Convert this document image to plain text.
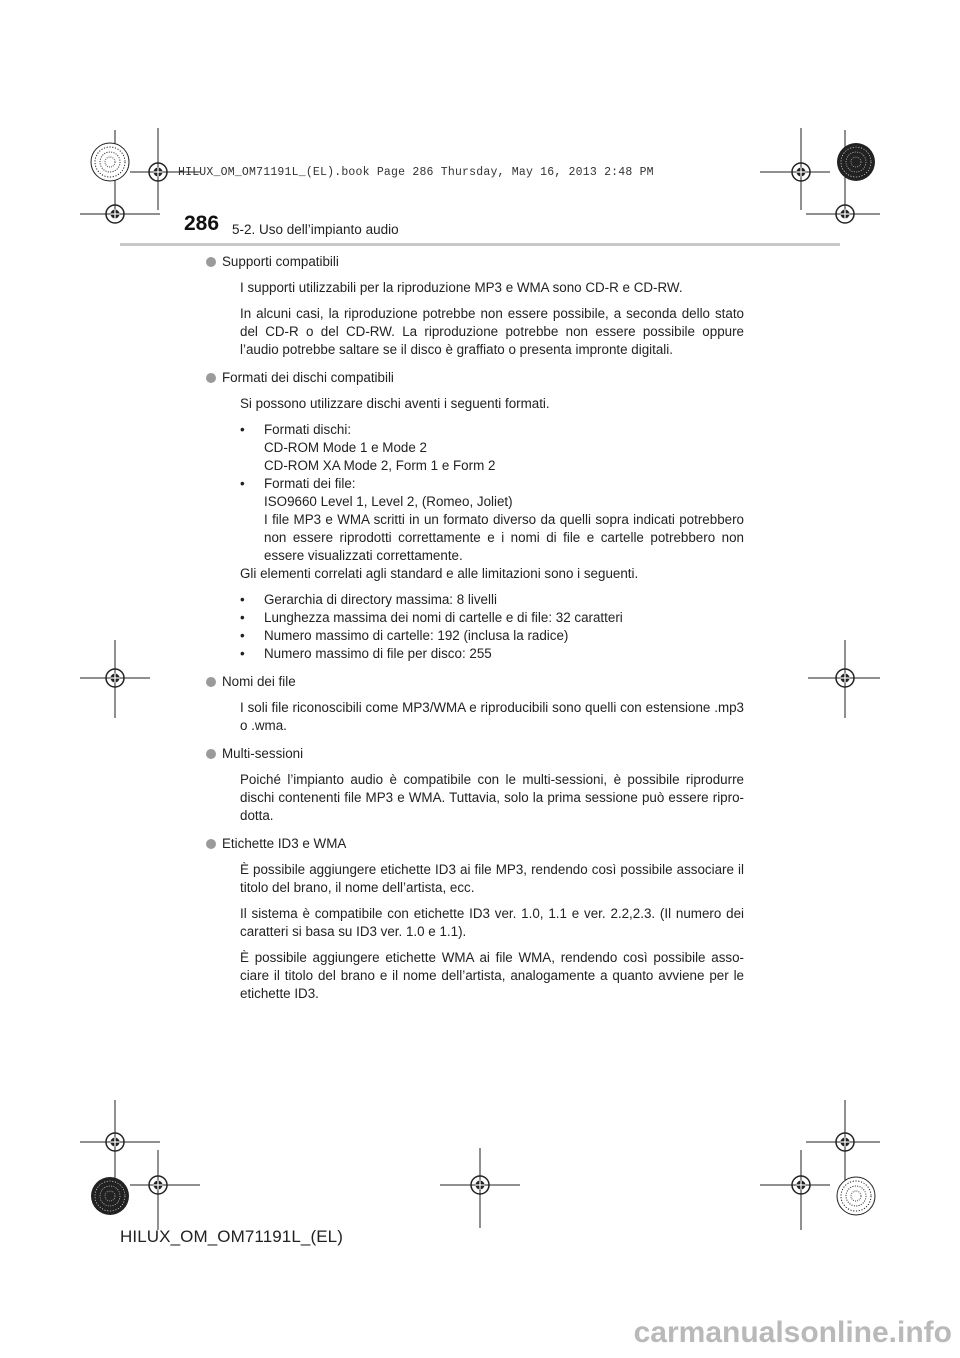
HILUX_OM_OM71191L_(EL).book Page 286 Thursday, May 16, 2013 2:48 PM
286 5-2. Uso dell’impianto audio
Supporti compatibili

I supporti utilizzabili per la riproduzione MP3 e WMA sono CD-R e CD-RW.

In alcuni casi, la riproduzione potrebbe non essere possibile, a seconda dello stato del CD-R o del CD-RW. La riproduzione potrebbe non essere possibile oppure l’audio potrebbe saltare se il disco è graffiato o presenta impronte digitali.

Formati dei dischi compatibili

Si possono utilizzare dischi aventi i seguenti formati.

•	Formati dischi:
CD-ROM Mode 1 e Mode 2
CD-ROM XA Mode 2, Form 1 e Form 2
•	Formati dei file:
ISO9660 Level 1, Level 2, (Romeo, Joliet)
I file MP3 e WMA scritti in un formato diverso da quelli sopra indicati potrebbero non essere riprodotti correttamente e i nomi di file e cartelle potrebbero non essere visualizzati correttamente.

Gli elementi correlati agli standard e alle limitazioni sono i seguenti.

•	Gerarchia di directory massima: 8 livelli
•	Lunghezza massima dei nomi di cartelle e di file: 32 caratteri
•	Numero massimo di cartelle: 192 (inclusa la radice)
•	Numero massimo di file per disco: 255
Nomi dei file

I soli file riconoscibili come MP3/WMA e riproducibili sono quelli con estensione .mp3 o .wma.

Multi-sessioni

Poiché l’impianto audio è compatibile con le multi-sessioni, è possibile riprodurre dischi contenenti file MP3 e WMA. Tuttavia, solo la prima sessione può essere ripro-dotta.

Etichette ID3 e WMA

È possibile aggiungere etichette ID3 ai file MP3, rendendo così possibile associare il titolo del brano, il nome dell’artista, ecc.

Il sistema è compatibile con etichette ID3 ver. 1.0, 1.1 e ver. 2.2,2.3. (Il numero dei caratteri si basa su ID3 ver. 1.0 e 1.1).

È possibile aggiungere etichette WMA ai file WMA, rendendo così possibile asso-ciare il titolo del brano e il nome dell’artista, analogamente a quanto avviene per le etichette ID3.

HILUX_OM_OM71191L_(EL)
carmanualsonline.info
